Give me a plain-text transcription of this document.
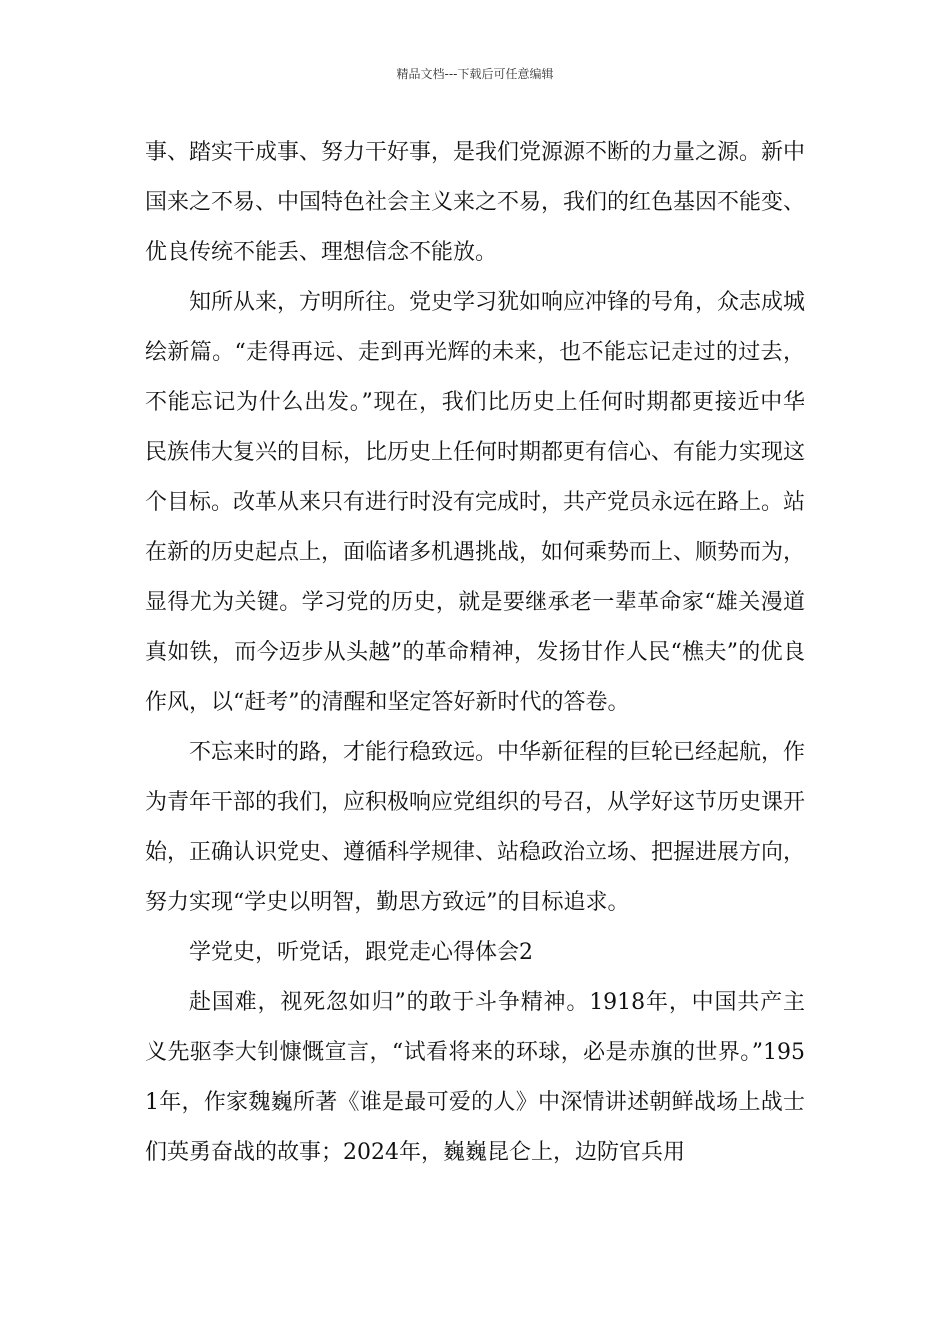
精品文档---下载后可任意编辑

事、踏实干成事、努力干好事，是我们党源源不断的力量之源。新中国来之不易、中国特色社会主义来之不易，我们的红色基因不能变、优良传统不能丢、理想信念不能放。

知所从来，方明所往。党史学习犹如响应冲锋的号角，众志成城绘新篇。“走得再远、走到再光辉的未来，也不能忘记走过的过去，不能忘记为什么出发。”现在，我们比历史上任何时期都更接近中华民族伟大复兴的目标，比历史上任何时期都更有信心、有能力实现这个目标。改革从来只有进行时没有完成时，共产党员永远在路上。站在新的历史起点上，面临诸多机遇挑战，如何乘势而上、顺势而为，显得尤为关键。学习党的历史，就是要继承老一辈革命家“雄关漫道真如铁，而今迈步从头越”的革命精神，发扬甘作人民“樵夫”的优良作风，以“赶考”的清醒和坚定答好新时代的答卷。

不忘来时的路，才能行稳致远。中华新征程的巨轮已经起航，作为青年干部的我们，应积极响应党组织的号召，从学好这节历史课开始，正确认识党史、遵循科学规律、站稳政治立场、把握进展方向，努力实现“学史以明智，勤思方致远”的目标追求。

学党史，听党话，跟党走心得体会2

赴国难，视死忽如归”的敢于斗争精神。1918年，中国共产主义先驱李大钊慷慨宣言，“试看将来的环球，必是赤旗的世界。”1951年，作家魏巍所著《谁是最可爱的人》中深情讲述朝鲜战场上战士们英勇奋战的故事；2024年，巍巍昆仑上，边防官兵用
